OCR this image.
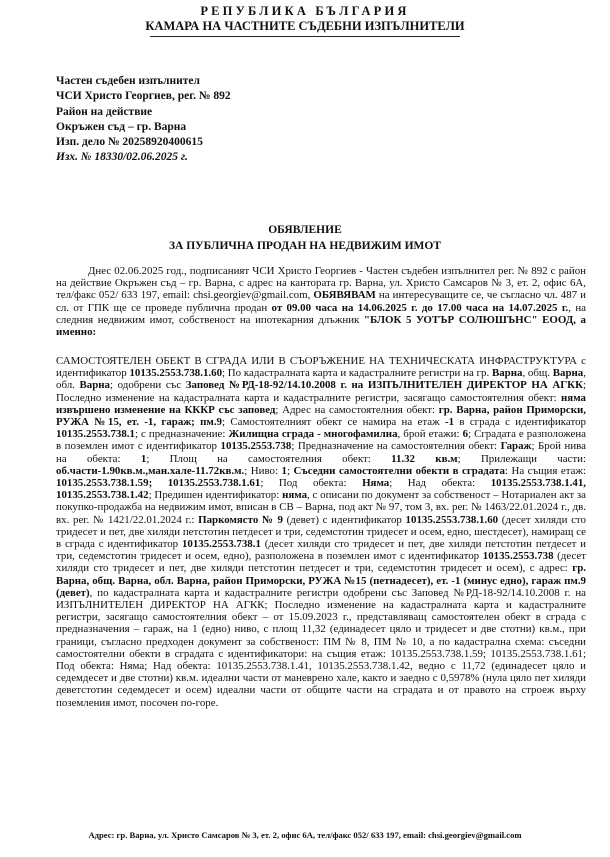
РЕПУБЛИКА БЪЛГАРИЯ
КАМАРА НА ЧАСТНИТЕ СЪДЕБНИ ИЗПЪЛНИТЕЛИ
Частен съдебен изпълнител
ЧСИ Христо Георгиев, рег. № 892
Район на действие
Окръжен съд – гр. Варна
Изп. дело № 20258920400615
Изх. № 18330/02.06.2025 г.
ОБЯВЛЕНИЕ
ЗА ПУБЛИЧНА ПРОДАН НА НЕДВИЖИМ ИМОТ
Днес 02.06.2025 год., подписаният ЧСИ Христо Георгиев - Частен съдебен изпълнител рег. № 892 с район на действие Окръжен съд – гр. Варна, с адрес на кантората гр. Варна, ул. Христо Самсаров № 3, ет. 2, офис 6А, тел/факс 052/ 633 197, email: chsi.georgiev@gmail.com, ОБЯВЯВАМ на интересуващите се, че съгласно чл. 487 и сл. от ГПК ще се проведе публична продан от 09.00 часа на 14.06.2025 г. до 17.00 часа на 14.07.2025 г., на следния недвижим имот, собственост на ипотекарния длъжник "БЛОК 5 УОТЪР СОЛЮШЪНС" ЕООД, а именно:
САМОСТОЯТЕЛЕН ОБЕКТ В СГРАДА ИЛИ В СЪОРЪЖЕНИЕ НА ТЕХНИЧЕСКАТА ИНФРАСТРУКТУРА с идентификатор 10135.2553.738.1.60; По кадастралната карта и кадастралните регистри на гр. Варна, общ. Варна, обл. Варна; одобрени със Заповед №РД-18-92/14.10.2008 г. на ИЗПЪЛНИТЕЛЕН ДИРЕКТОР НА АГКК; Последно изменение на кадастралната карта и кадастралните регистри, засягащо самостоятелния обект: няма извършено изменение на КККР със заповед; Адрес на самостоятелния обект: гр. Варна, район Приморски, РУЖА №15, ет. -1, гараж; пм.9; Самостоятелният обект се намира на етаж -1 в сграда с идентификатор 10135.2553.738.1; с предназначение: Жилищна сграда - многофамилна, брой етажи: 6; Сградата е разположена в поземлен имот с идентификатор 10135.2553.738; Предназначение на самостоятелния обект: Гараж; Брой нива на обекта: 1; Площ на самостоятелния обект: 11.32 кв.м; Прилежащи части: об.части-1.90кв.м.,ман.хале-11.72кв.м.; Ниво: 1; Съседни самостоятелни обекти в сградата: На същия етаж: 10135.2553.738.1.59; 10135.2553.738.1.61; Под обекта: Няма; Над обекта: 10135.2553.738.1.41, 10135.2553.738.1.42; Предишен идентификатор: няма, с описани по документ за собственост – Нотариален акт за покупко-продажба на недвижим имот, вписан в СВ – Варна, под акт № 97, том 3, вх. рег. № 1463/22.01.2024 г., дв. вх. рег. № 1421/22.01.2024 г.: Паркомясто № 9 (девет) с идентификатор 10135.2553.738.1.60 (десет хиляди сто тридесет и пет, две хиляди петстотин петдесет и три, седемстотин тридесет и осем, едно, шестдесет), намиращ се в сграда с идентификатор 10135.2553.738.1 (десет хиляди сто тридесет и пет, две хиляди петстотин петдесет и три, седемстотин тридесет и осем, едно), разположена в поземлен имот с идентификатор 10135.2553.738 (десет хиляди сто тридесет и пет, две хиляди петстотин петдесет и три, седемстотин тридесет и осем), с адрес: гр. Варна, общ. Варна, обл. Варна, район Приморски, РУЖА №15 (петнадесет), ет. -1 (минус едно), гараж пм.9 (девет), по кадастралната карта и кадастралните регистри одобрени със Заповед №РД-18-92/14.10.2008 г. на ИЗПЪЛНИТЕЛЕН ДИРЕКТОР НА АГКК; Последно изменение на кадастралната карта и кадастралните регистри, засягащо самостоятелния обект – от 15.09.2023 г., представляващ самостоятелен обект в сграда с предназначения – гараж, на 1 (едно) ниво, с площ 11,32 (единадесет цяло и тридесет и две стотни) кв.м., при граници, съгласно предходен документ за собственост: ПМ № 8, ПМ № 10, а по кадастрална схема: съседни самостоятелни обекти в сградата с идентификатори: на същия етаж: 10135.2553.738.1.59; 10135.2553.738.1.61; Под обекта: Няма; Над обекта: 10135.2553.738.1.41, 10135.2553.738.1.42, ведно с 11,72 (единадесет цяло и седемдесет и две стотни) кв.м. идеални части от маневрено хале, както и заедно с 0,5978% (нула цяло пет хиляди деветстотин седемдесет и осем) идеални части от общите части на сградата и от правото на строеж върху поземления имот, посочен по-горе.
Адрес: гр. Варна, ул. Христо Самсаров № 3, ет. 2, офис 6А, тел/факс 052/ 633 197, email: chsi.georgiev@gmail.com
